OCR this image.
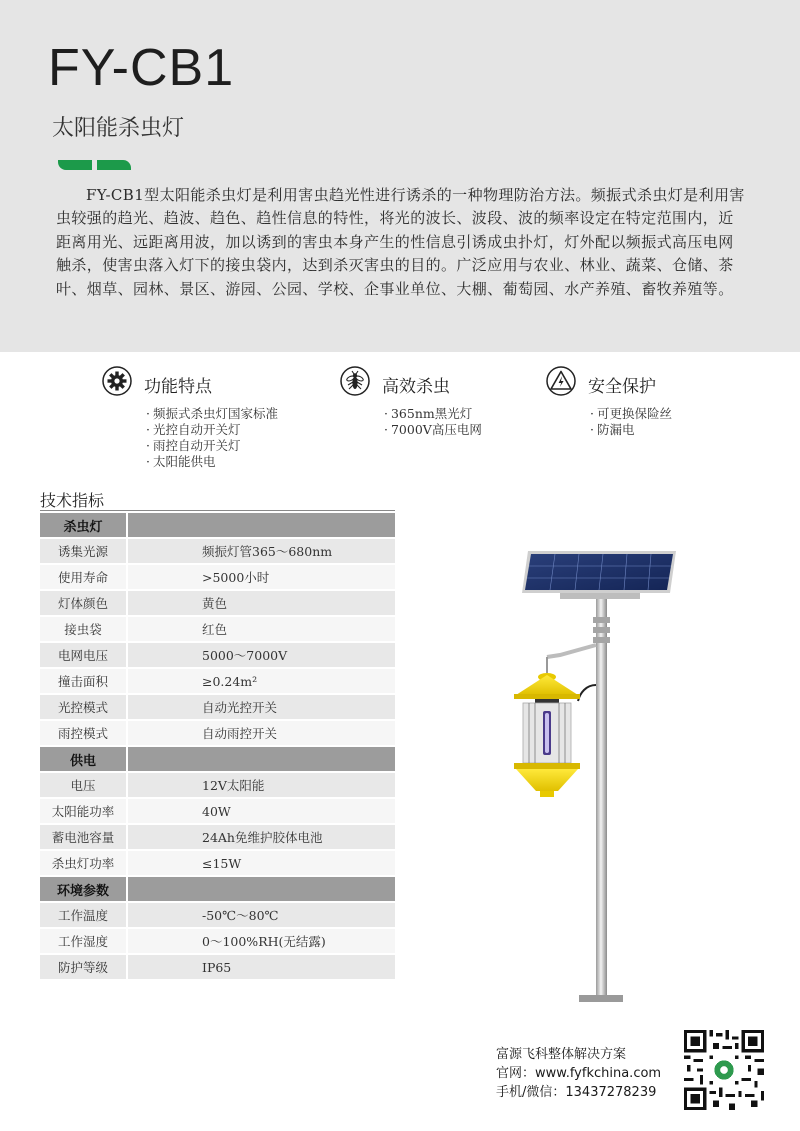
FY-CB1
太阳能杀虫灯

FY-CB1型太阳能杀虫灯是利用害虫趋光性进行诱杀的一种物理防治方法。频振式杀虫灯是利用害虫较强的趋光、趋波、趋色、趋性信息的特性，将光的波长、波段、波的频率设定在特定范围内，近距离用光、远距离用波，加以诱到的害虫本身产生的性信息引诱成虫扑灯，灯外配以频振式高压电网触杀，使害虫落入灯下的接虫袋内，达到杀灭害虫的目的。广泛应用与农业、林业、蔬菜、仓储、茶叶、烟草、园林、景区、游园、公园、学校、企事业单位、大棚、葡萄园、水产养殖、畜牧养殖等。

功能特点
· 频振式杀虫灯国家标准
· 光控自动开关灯
· 雨控自动开关灯
· 太阳能供电
高效杀虫
· 365nm黑光灯
· 7000V高压电网
安全保护
· 可更换保险丝
· 防漏电
技术指标
杀虫灯	
诱集光源	频振灯管365～680nm
使用寿命	>5000小时
灯体颜色	黄色
接虫袋	红色
电网电压	5000～7000V
撞击面积	≥0.24m²
光控模式	自动光控开关
雨控模式	自动雨控开关
供电	
电压	12V太阳能
太阳能功率	40W
蓄电池容量	24Ah免维护胶体电池
杀虫灯功率	≤15W
环境参数	
工作温度	-50℃～80℃
工作湿度	0～100%RH(无结露)
防护等级	IP65
富源飞科整体解决方案
官网：www.fyfkchina.com
手机/微信：13437278239
